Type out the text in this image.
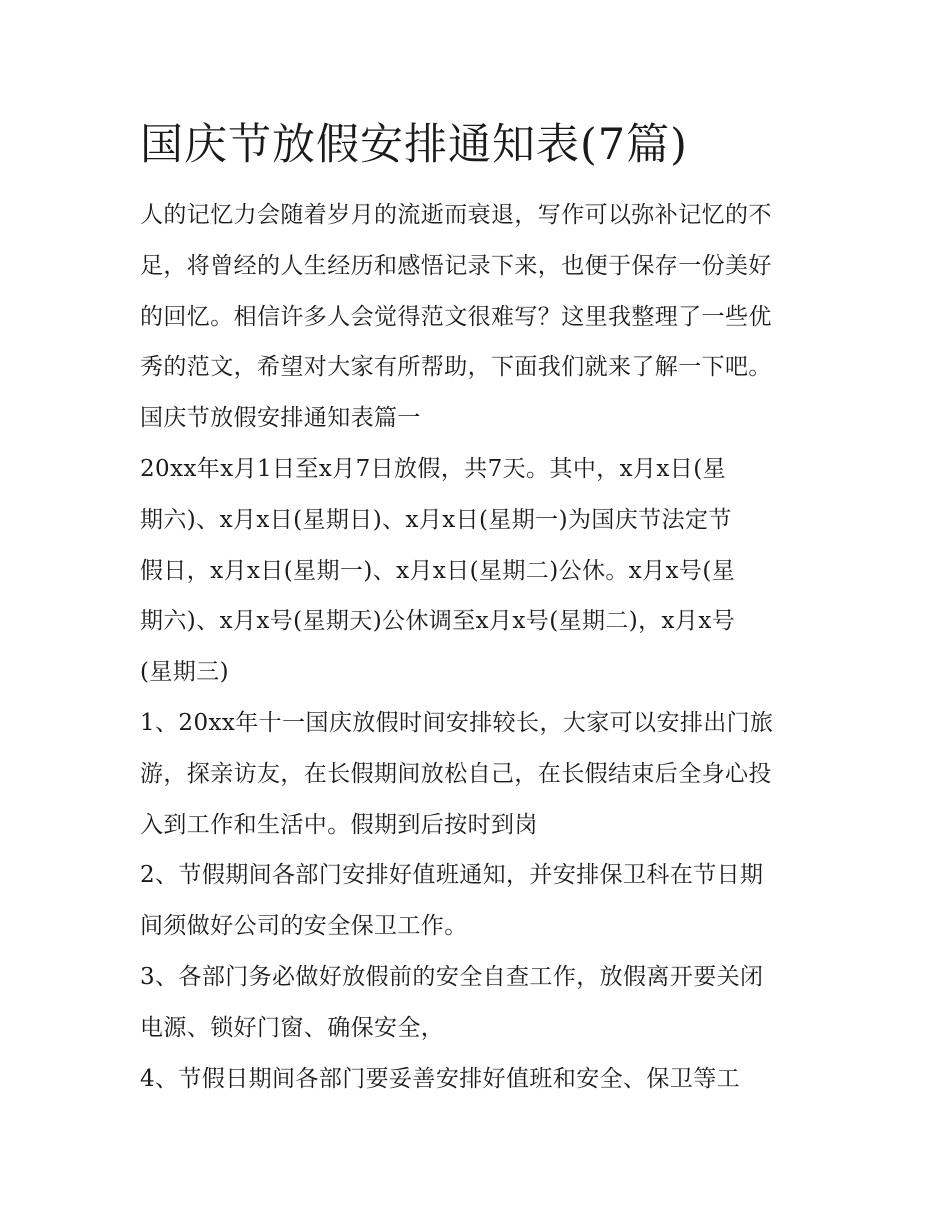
国庆节放假安排通知表(7篇)
人的记忆力会随着岁月的流逝而衰退，写作可以弥补记忆的不
足，将曾经的人生经历和感悟记录下来，也便于保存一份美好
的回忆。相信许多人会觉得范文很难写？这里我整理了一些优
秀的范文，希望对大家有所帮助，下面我们就来了解一下吧。
国庆节放假安排通知表篇一
20xx年x月1日至x月7日放假，共7天。其中，x月x日(星
期六)、x月x日(星期日)、x月x日(星期一)为国庆节法定节
假日，x月x日(星期一)、x月x日(星期二)公休。x月x号(星
期六)、x月x号(星期天)公休调至x月x号(星期二)，x月x号
(星期三)
1、20xx年十一国庆放假时间安排较长，大家可以安排出门旅
游，探亲访友，在长假期间放松自己，在长假结束后全身心投
入到工作和生活中。假期到后按时到岗
2、节假期间各部门安排好值班通知，并安排保卫科在节日期
间须做好公司的安全保卫工作。
3、各部门务必做好放假前的安全自查工作，放假离开要关闭
电源、锁好门窗、确保安全，
4、节假日期间各部门要妥善安排好值班和安全、保卫等工
